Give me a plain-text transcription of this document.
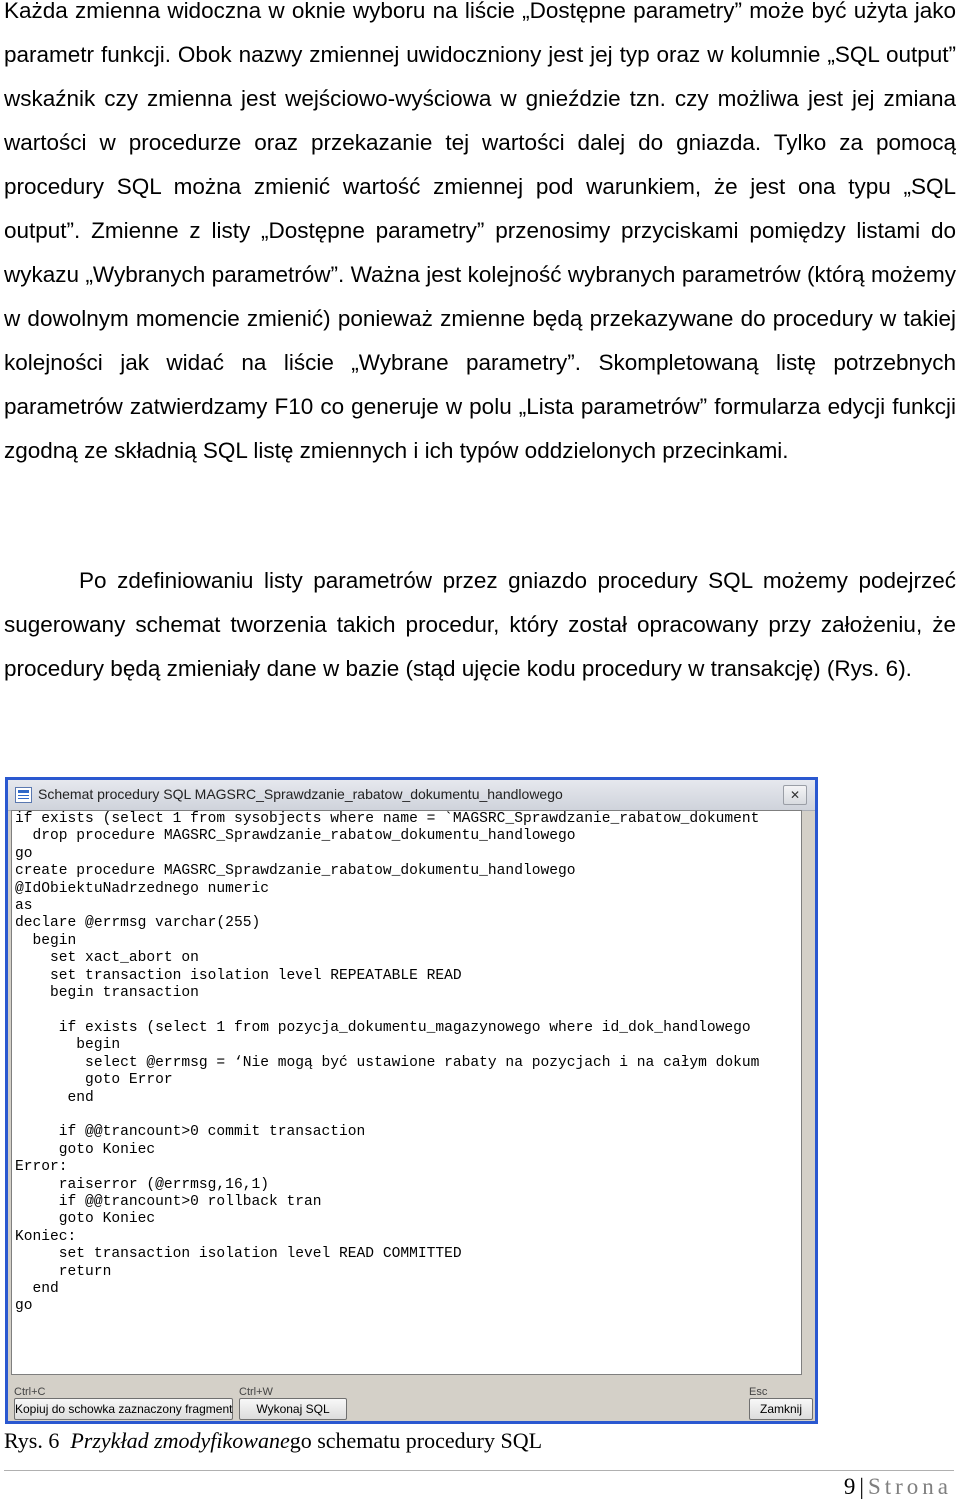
Każda zmienna widoczna w oknie wyboru na liście „Dostępne parametry” może być użyta jako parametr funkcji. Obok nazwy zmiennej uwidoczniony jest jej typ oraz w kolumnie „SQL output” wskaźnik czy zmienna jest wejściowo-wyściowa w gnieździe tzn. czy możliwa jest jej zmiana wartości w procedurze oraz przekazanie tej wartości dalej do gniazda. Tylko za pomocą procedury SQL można zmienić wartość zmiennej pod warunkiem, że jest ona typu „SQL output”. Zmienne z listy „Dostępne parametry” przenosimy przyciskami pomiędzy listami do wykazu „Wybranych parametrów”. Ważna jest kolejność wybranych parametrów (którą możemy w dowolnym momencie zmienić) ponieważ zmienne będą przekazywane do procedury w takiej kolejności jak widać na liście „Wybrane parametry”. Skompletowaną listę potrzebnych parametrów zatwierdzamy F10 co generuje w polu „Lista parametrów” formularza edycji funkcji zgodną ze składnią SQL listę zmiennych i ich typów oddzielonych przecinkami.

Po zdefiniowaniu listy parametrów przez gniazdo procedury SQL możemy podejrzeć sugerowany schemat tworzenia takich procedur, który został opracowany przy założeniu, że procedury będą zmieniały dane w bazie (stąd ujęcie kodu procedury w transakcję) (Rys. 6).

Schemat procedury SQL MAGSRC_Sprawdzanie_rabatow_dokumentu_handlowego	✕
if exists (select 1 from sysobjects where name = `MAGSRC_Sprawdzanie_rabatow_dokument
drop procedure MAGSRC_Sprawdzanie_rabatow_dokumentu_handlowego
go
create procedure MAGSRC_Sprawdzanie_rabatow_dokumentu_handlowego
@IdObiektuNadrzednego numeric
as
declare @errmsg varchar(255)
begin
set xact_abort on
set transaction isolation level REPEATABLE READ
begin transaction

if exists (select 1 from pozycja_dokumentu_magazynowego where id_dok_handlowego
begin
select @errmsg = ‘Nie mogą być ustawione rabaty na pozycjach i na całym dokum
goto Error
end

if @@trancount>0 commit transaction
goto Koniec
Error:
raiserror (@errmsg,16,1)
if @@trancount>0 rollback tran
goto Koniec
Koniec:
set transaction isolation level READ COMMITTED
return
end
go
Ctrl+C
Kopiuj do schowka zaznaczony fragment
Ctrl+W
Wykonaj SQL
Esc
Zamknij
Rys. 6 Przykład zmodyfikowanego schematu procedury SQL
9 | Strona
